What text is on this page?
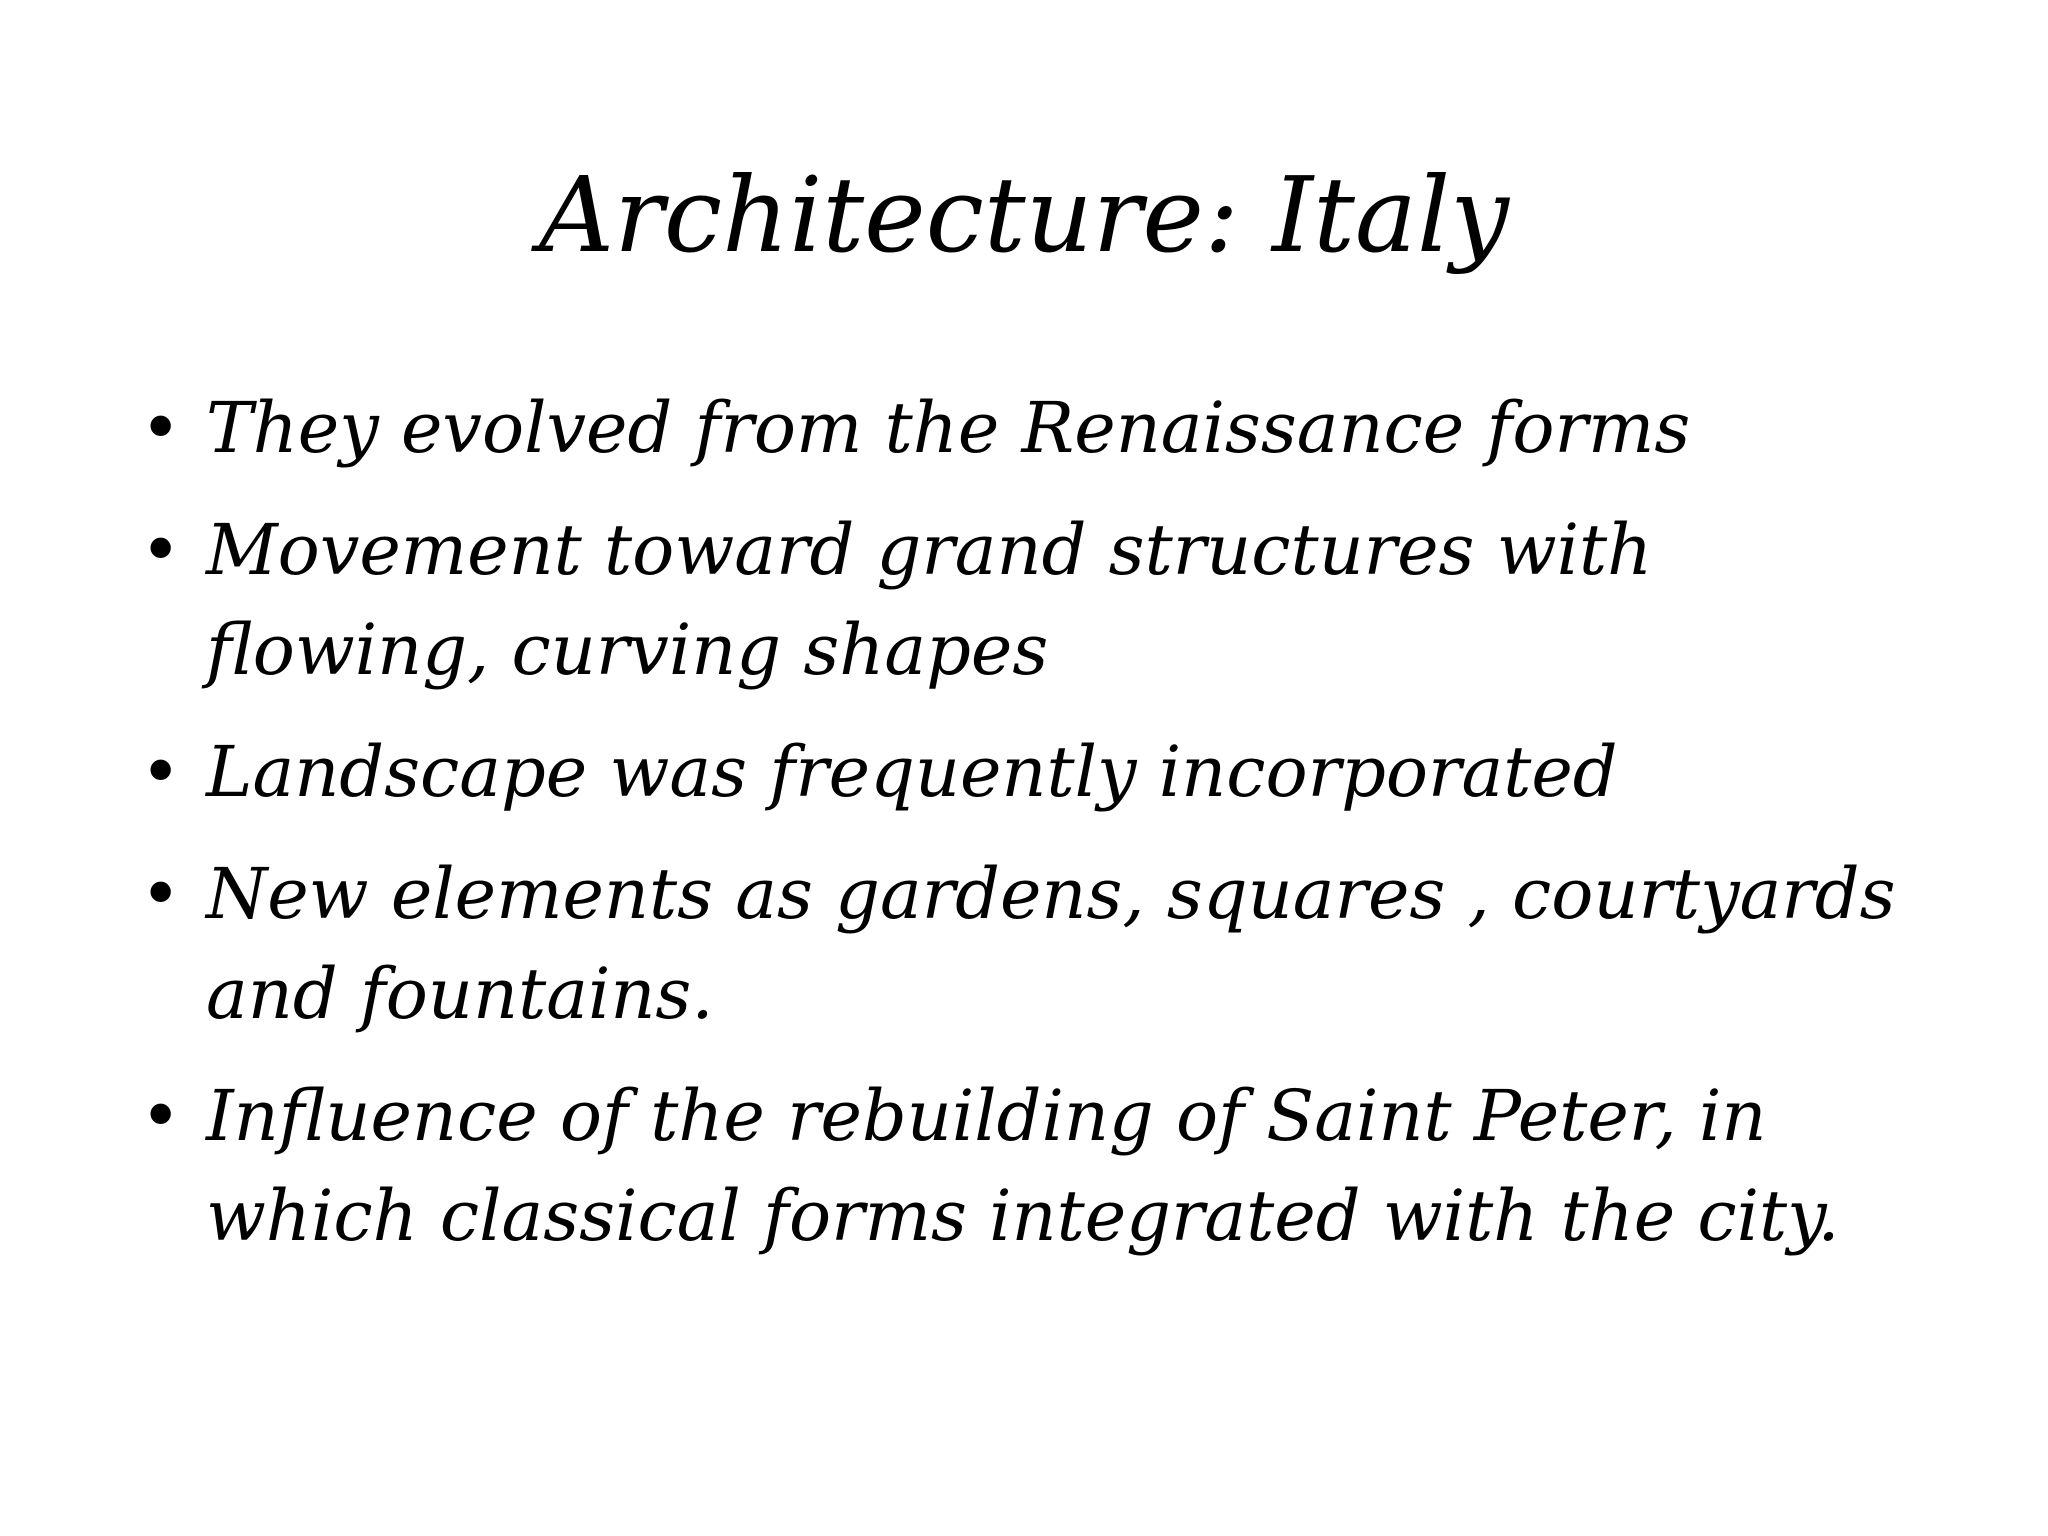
Architecture: Italy
• They evolved from the Renaissance forms
• Movement toward grand structures with flowing, curving shapes
• Landscape was frequently incorporated
• New elements as gardens, squares , courtyards and fountains.
• Influence of the rebuilding of Saint Peter, in which classical forms integrated with the city.
